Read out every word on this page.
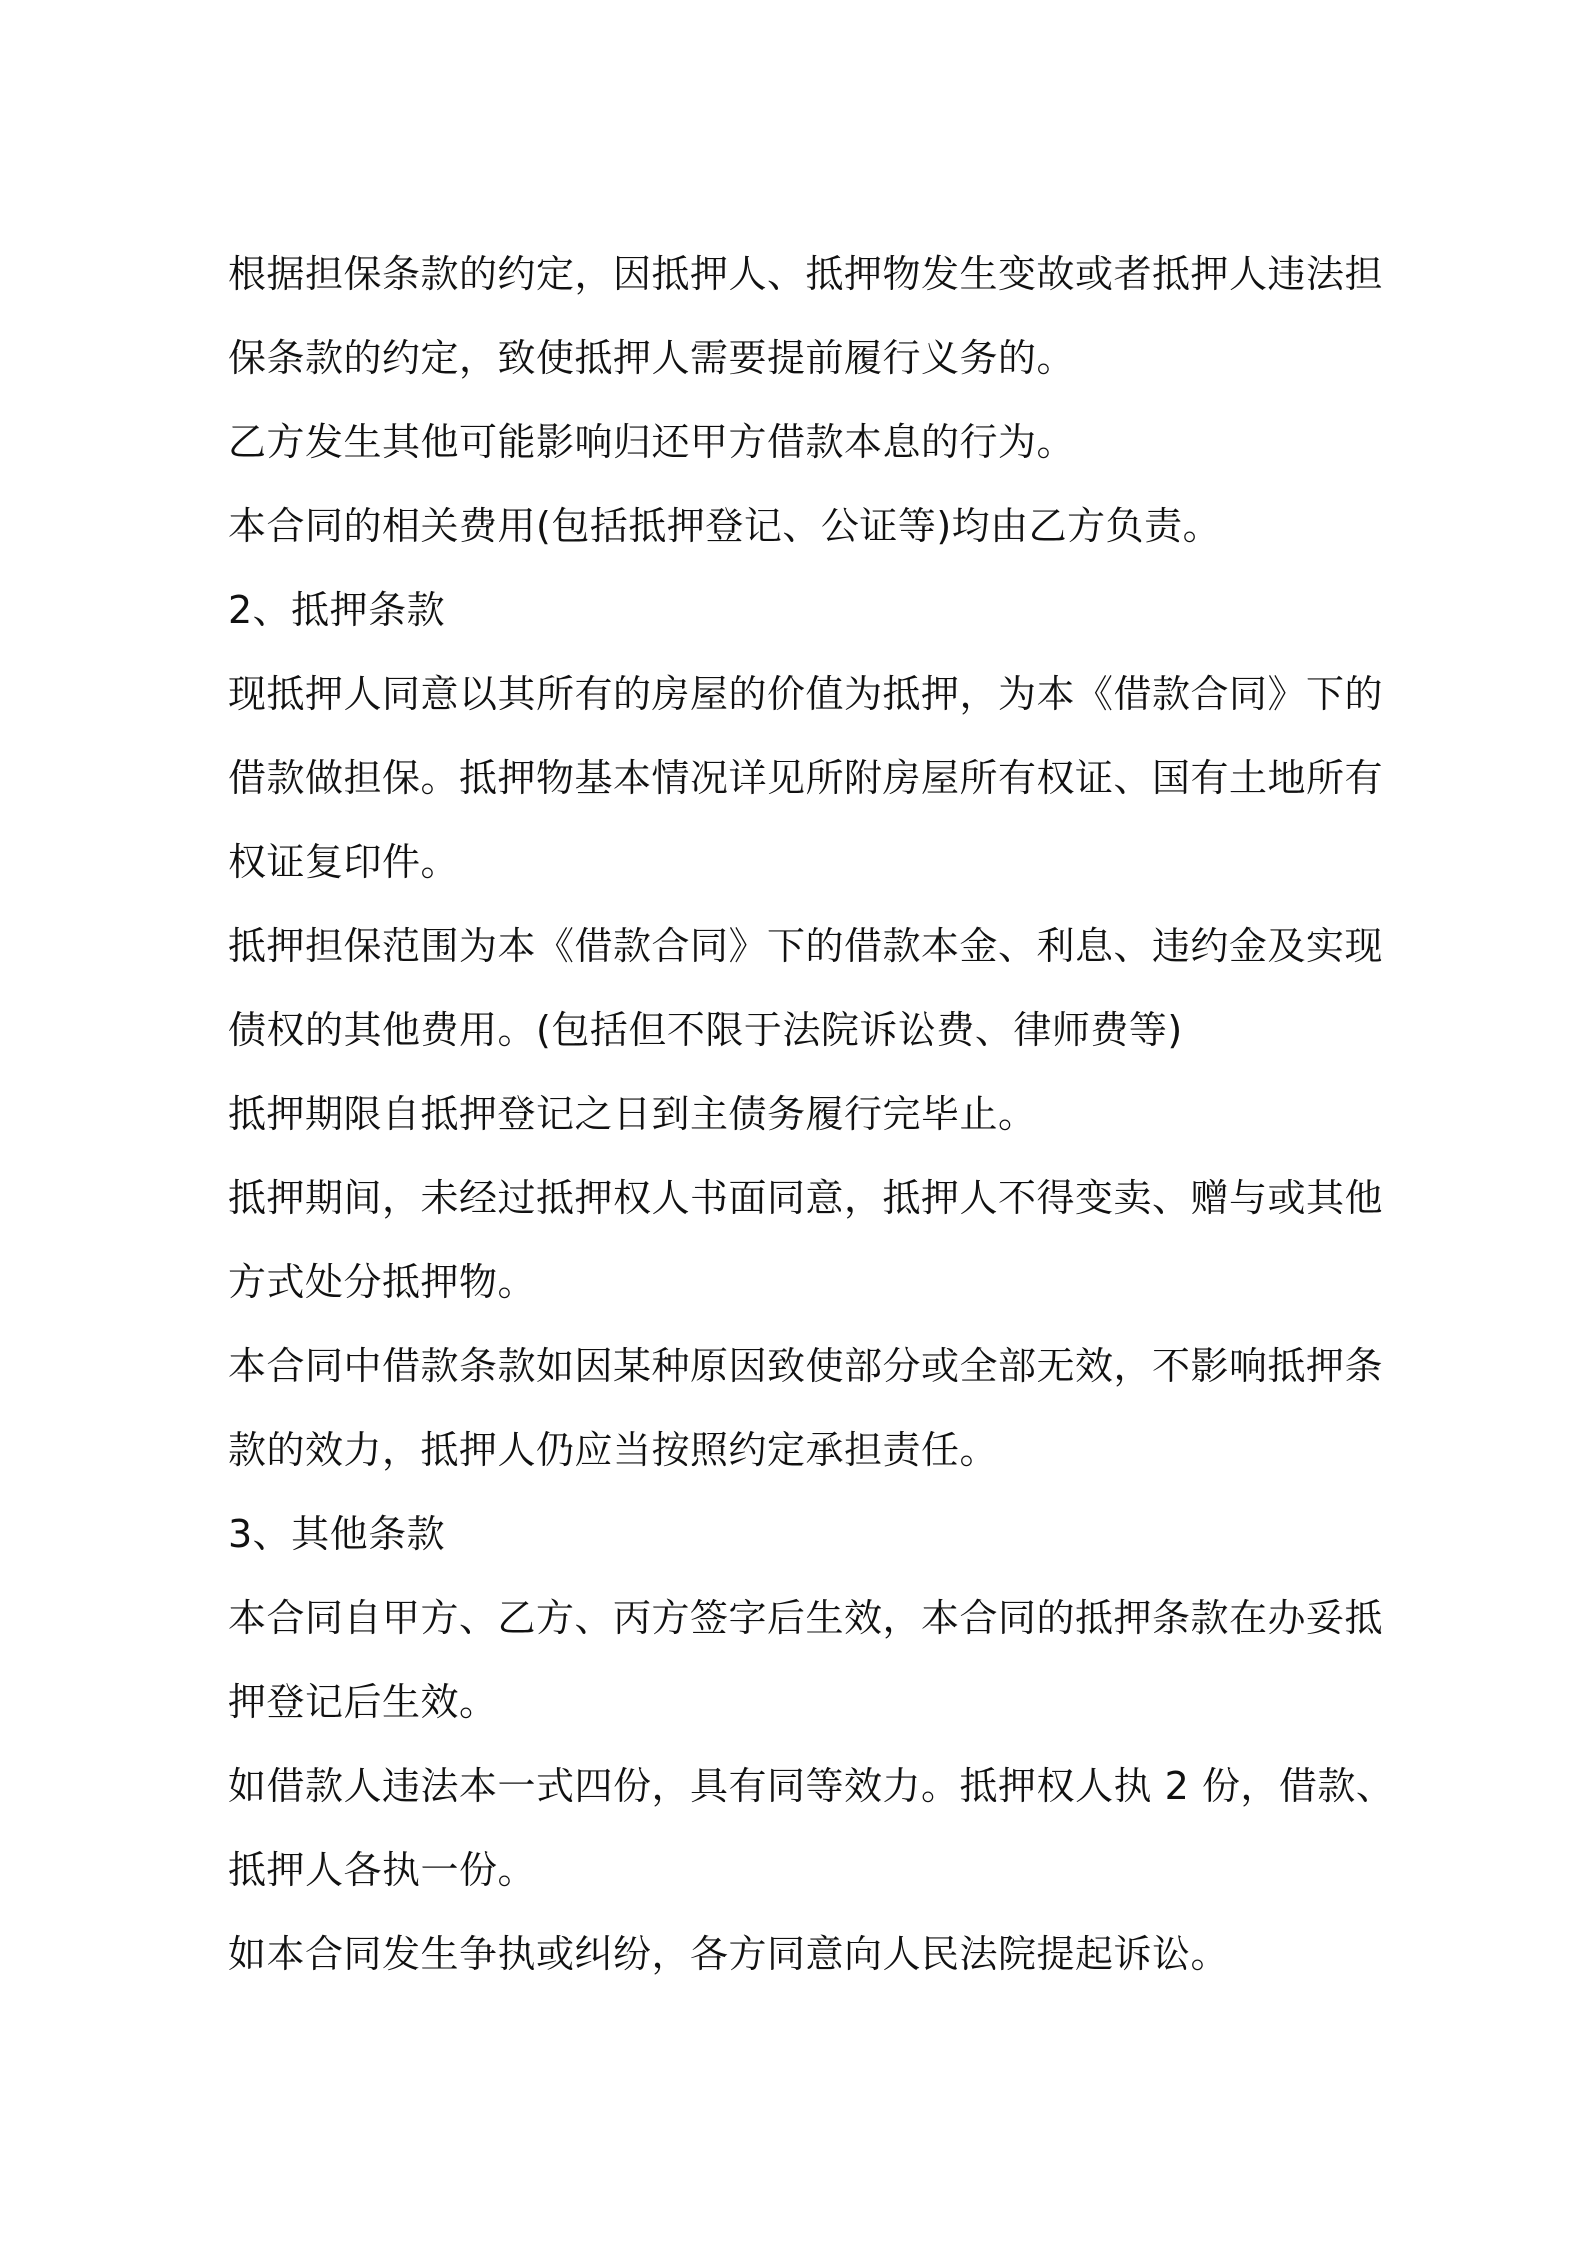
根据担保条款的约定，因抵押人、抵押物发生变故或者抵押人违法担

保条款的约定，致使抵押人需要提前履行义务的。

乙方发生其他可能影响归还甲方借款本息的行为。

本合同的相关费用(包括抵押登记、公证等)均由乙方负责。

2、抵押条款

现抵押人同意以其所有的房屋的价值为抵押，为本《借款合同》下的

借款做担保。抵押物基本情况详见所附房屋所有权证、国有土地所有

权证复印件。

抵押担保范围为本《借款合同》下的借款本金、利息、违约金及实现

债权的其他费用。(包括但不限于法院诉讼费、律师费等)

抵押期限自抵押登记之日到主债务履行完毕止。

抵押期间，未经过抵押权人书面同意，抵押人不得变卖、赠与或其他

方式处分抵押物。

本合同中借款条款如因某种原因致使部分或全部无效，不影响抵押条

款的效力，抵押人仍应当按照约定承担责任。

3、其他条款

本合同自甲方、乙方、丙方签字后生效，本合同的抵押条款在办妥抵

押登记后生效。

如借款人违法本一式四份，具有同等效力。抵押权人执 2 份，借款、

抵押人各执一份。

如本合同发生争执或纠纷，各方同意向人民法院提起诉讼。
